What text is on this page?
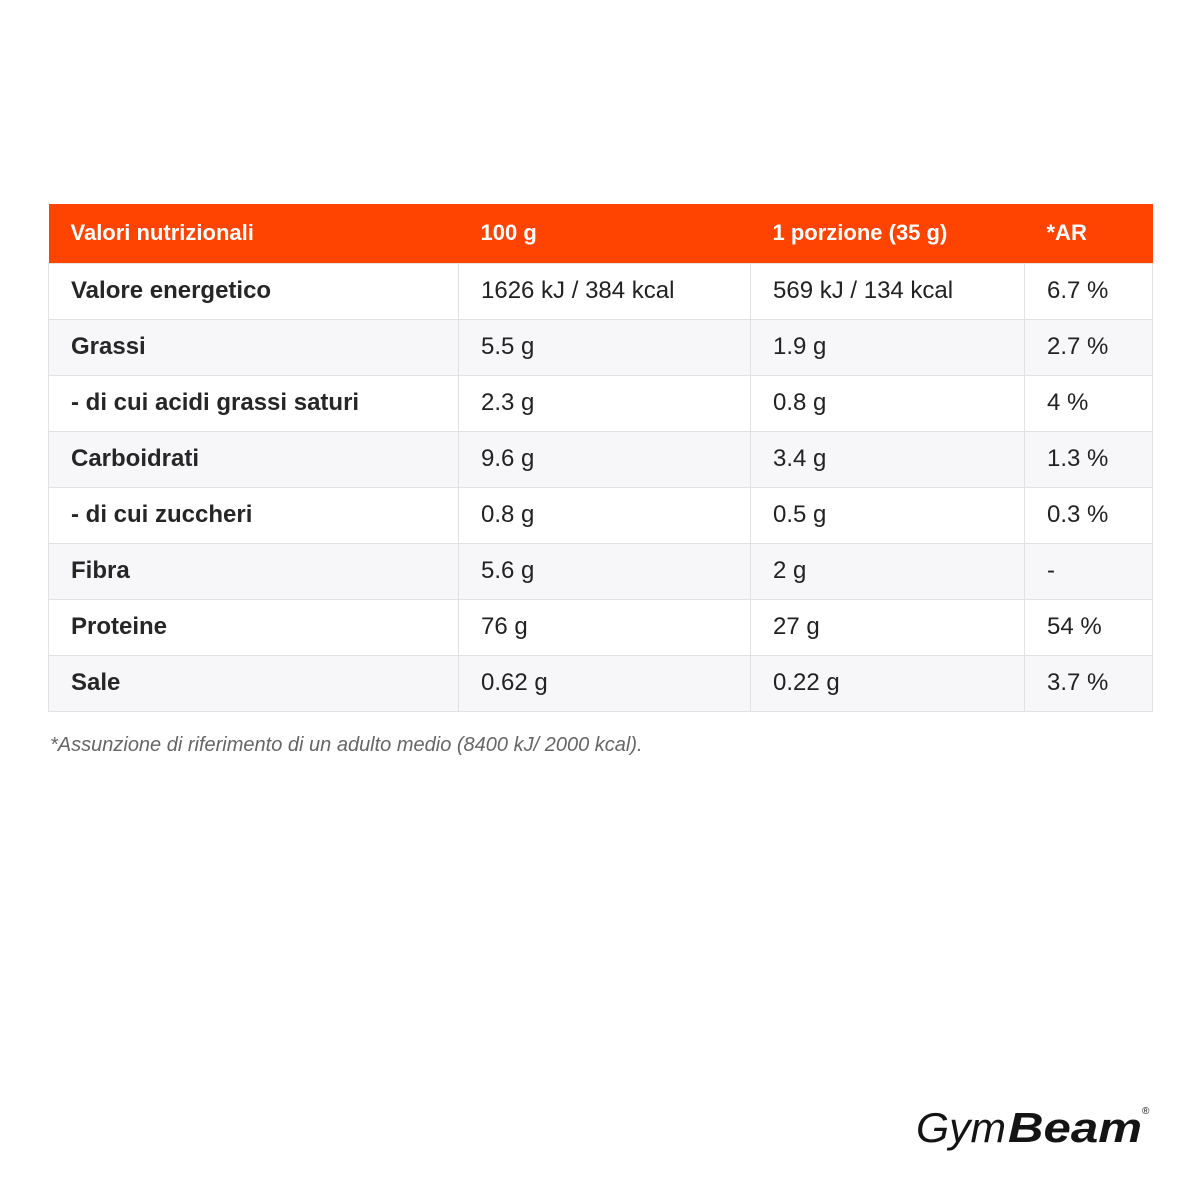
Valori nutrizionali	100 g	1 porzione (35 g)	*AR
Valore energetico	1626 kJ / 384 kcal	569 kJ / 134 kcal	6.7 %
Grassi	5.5 g	1.9 g	2.7 %
- di cui acidi grassi saturi	2.3 g	0.8 g	4 %
Carboidrati	9.6 g	3.4 g	1.3 %
- di cui zuccheri	0.8 g	0.5 g	0.3 %
Fibra	5.6 g	2 g	-
Proteine	76 g	27 g	54 %
Sale	0.62 g	0.22 g	3.7 %

*Assunzione di riferimento di un adulto medio (8400 kJ/ 2000 kcal).

Gym Beam ®
